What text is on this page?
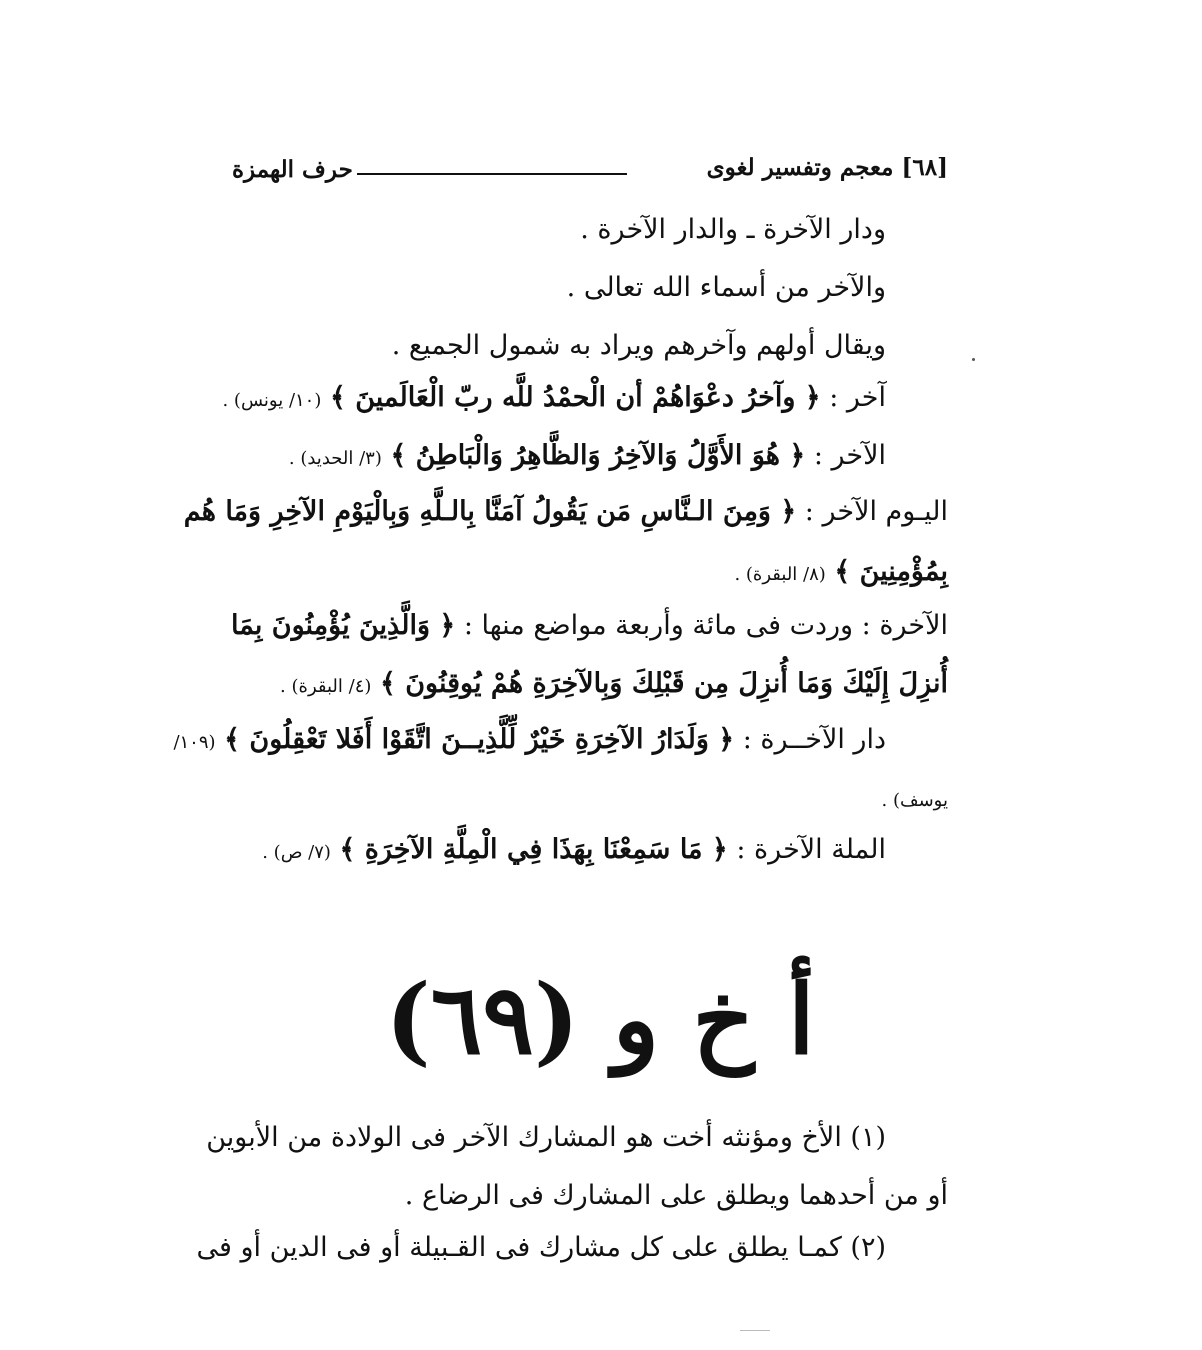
حرف الهمزة	[٦٨] معجم وتفسير لغوى
ودار الآخرة ـ والدار الآخرة .
والآخر من أسماء الله تعالى .
ويقال أولهم وآخرهم ويراد به شمول الجميع .
آخر : ﴿ وآخرُ دعْوَاهُمْ أن الْحمْدُ للَّه ربّ الْعَالَمينَ ﴾ (١٠/ يونس) .
الآخر : ﴿ هُوَ الأَوَّلُ وَالآخِرُ وَالظَّاهِرُ وَالْبَاطِنُ ﴾ (٣/ الحديد) .
اليـوم الآخر : ﴿ وَمِنَ الـنَّاسِ مَن يَقُولُ آمَنَّا بِالـلَّهِ وَبِالْيَوْمِ الآخِرِ وَمَا هُم
بِمُؤْمِنِينَ ﴾ (٨/ البقرة) .
الآخرة : وردت فى مائة وأربعة مواضع منها : ﴿ وَالَّذِينَ يُؤْمِنُونَ بِمَا
أُنزِلَ إِلَيْكَ وَمَا أُنزِلَ مِن قَبْلِكَ وَبِالآخِرَةِ هُمْ يُوقِنُونَ ﴾ (٤/ البقرة) .
دار الآخــرة : ﴿ وَلَدَارُ الآخِرَةِ خَيْرٌ لِّلَّذِيــنَ اتَّقَوْا أَفَلا تَعْقِلُونَ ﴾ (١٠٩/
يوسف) .
الملة الآخرة : ﴿ مَا سَمِعْنَا بِهَذَا فِي الْمِلَّةِ الآخِرَةِ ﴾ (٧/ ص) .
أ خ و (٦٩)
(١) الأخ ومؤنثه أخت هو المشارك الآخر فى الولادة من الأبوين
أو من أحدهما ويطلق على المشارك فى الرضاع .
(٢) كمـا يطلق على كل مشارك فى القـبيلة أو فى الدين أو فى
